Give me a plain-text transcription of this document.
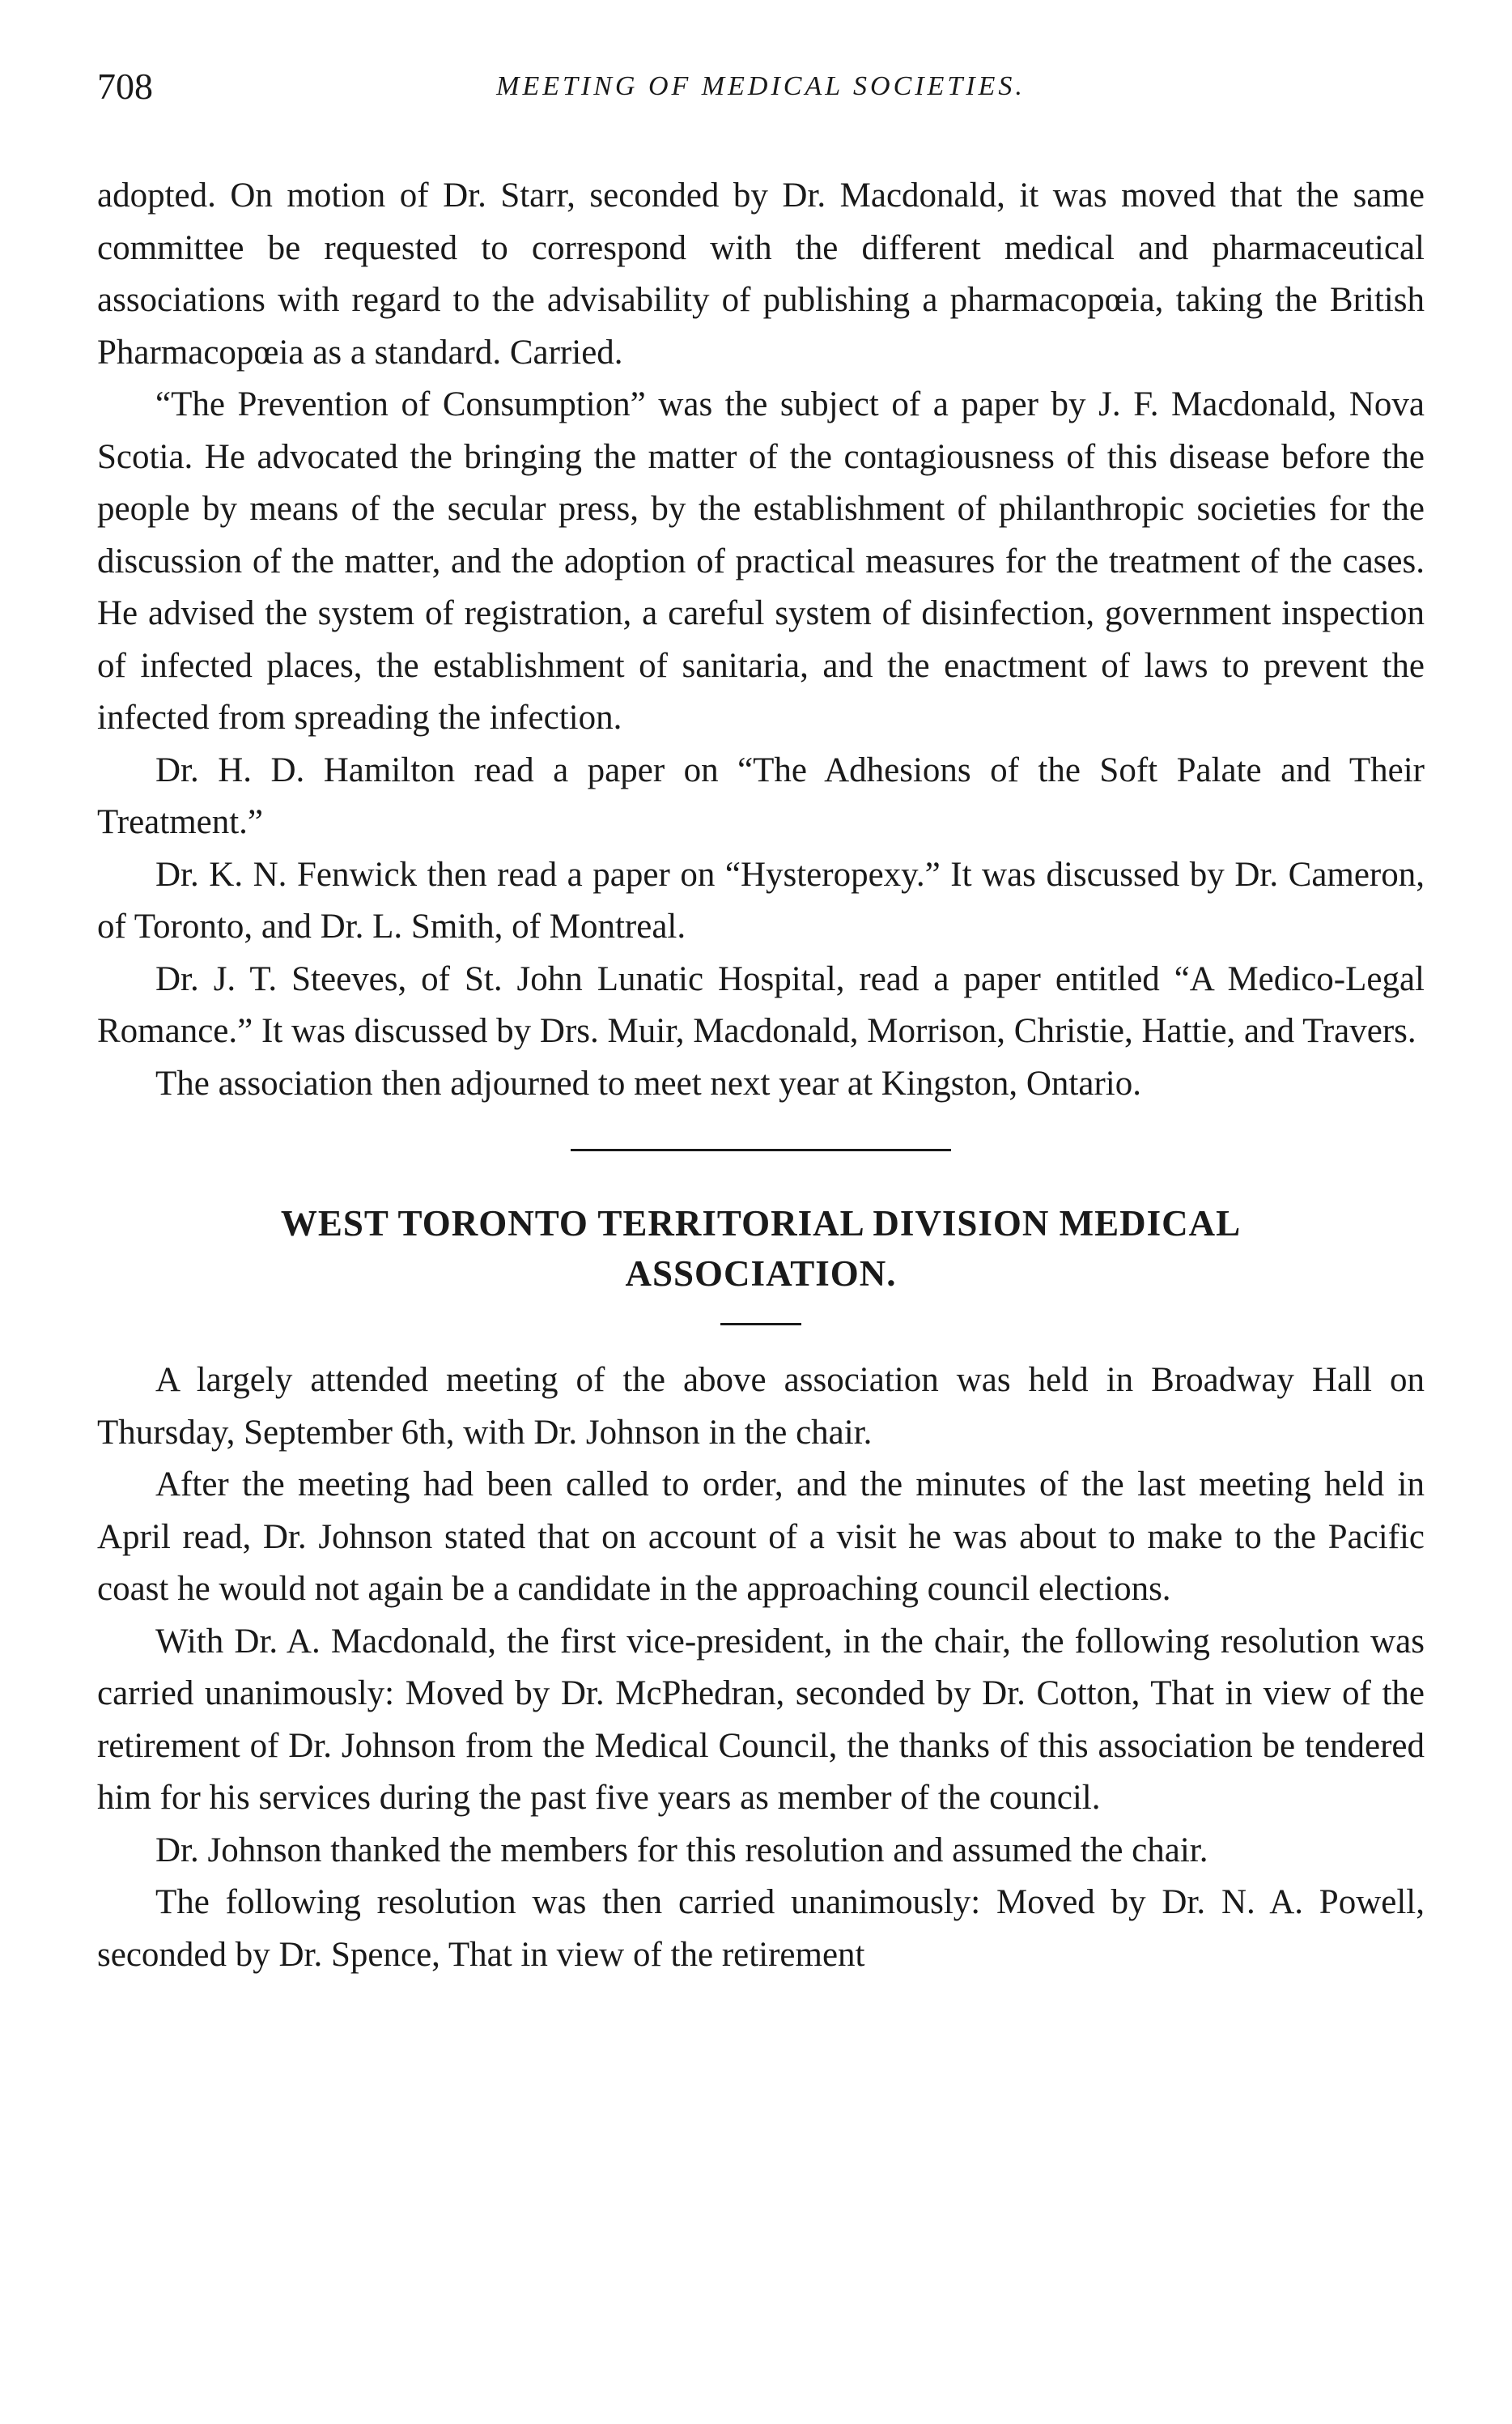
708	MEETING OF MEDICAL SOCIETIES.

adopted. On motion of Dr. Starr, seconded by Dr. Macdonald, it was moved that the same committee be requested to correspond with the different medical and pharmaceutical associations with regard to the advisability of publishing a pharmacopœia, taking the British Pharmacopœia as a standard. Carried.

“The Prevention of Consumption” was the subject of a paper by J. F. Macdonald, Nova Scotia. He advocated the bringing the matter of the contagiousness of this disease before the people by means of the secular press, by the establishment of philanthropic societies for the discussion of the matter, and the adoption of practical measures for the treatment of the cases. He advised the system of registration, a careful system of disinfection, government inspection of infected places, the establishment of sanitaria, and the enactment of laws to prevent the infected from spreading the infection.

Dr. H. D. Hamilton read a paper on “The Adhesions of the Soft Palate and Their Treatment.”

Dr. K. N. Fenwick then read a paper on “Hysteropexy.” It was discussed by Dr. Cameron, of Toronto, and Dr. L. Smith, of Montreal.

Dr. J. T. Steeves, of St. John Lunatic Hospital, read a paper entitled “A Medico-Legal Romance.” It was discussed by Drs. Muir, Macdonald, Morrison, Christie, Hattie, and Travers.

The association then adjourned to meet next year at Kingston, Ontario.

WEST TORONTO TERRITORIAL DIVISION MEDICAL
ASSOCIATION.

A largely attended meeting of the above association was held in Broadway Hall on Thursday, September 6th, with Dr. Johnson in the chair.

After the meeting had been called to order, and the minutes of the last meeting held in April read, Dr. Johnson stated that on account of a visit he was about to make to the Pacific coast he would not again be a candidate in the approaching council elections.

With Dr. A. Macdonald, the first vice-president, in the chair, the following resolution was carried unanimously: Moved by Dr. McPhedran, seconded by Dr. Cotton, That in view of the retirement of Dr. Johnson from the Medical Council, the thanks of this association be tendered him for his services during the past five years as member of the council.

Dr. Johnson thanked the members for this resolution and assumed the chair.

The following resolution was then carried unanimously: Moved by Dr. N. A. Powell, seconded by Dr. Spence, That in view of the retirement
